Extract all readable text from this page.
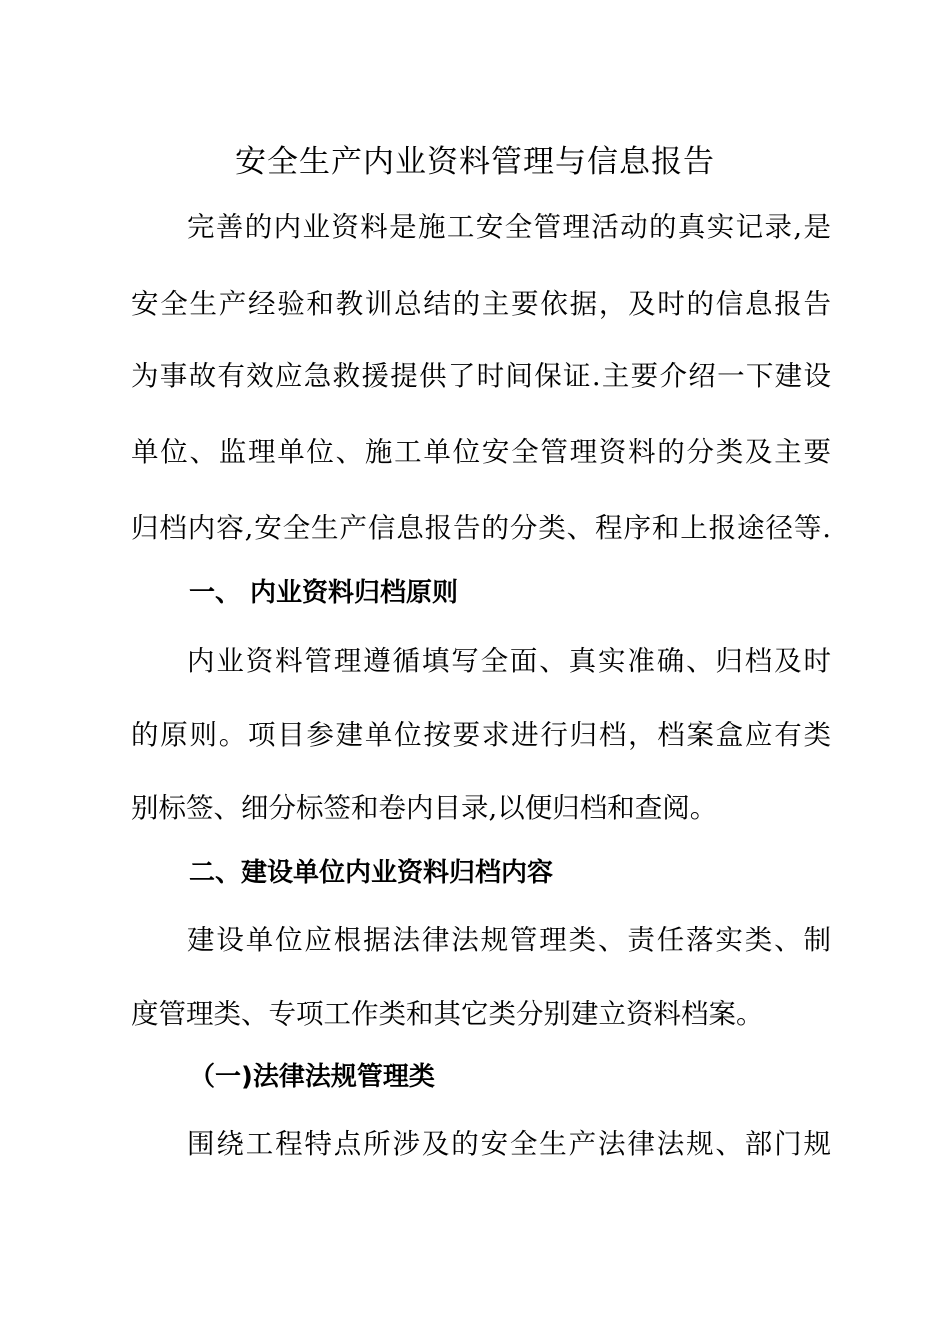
安全生产内业资料管理与信息报告

完善的内业资料是施工安全管理活动的真实记录,是

安全生产经验和教训总结的主要依据，及时的信息报告

为事故有效应急救援提供了时间保证.主要介绍一下建设

单位、监理单位、施工单位安全管理资料的分类及主要

归档内容,安全生产信息报告的分类、程序和上报途径等.

一、 内业资料归档原则

内业资料管理遵循填写全面、真实准确、归档及时

的原则。项目参建单位按要求进行归档，档案盒应有类

别标签、细分标签和卷内目录,以便归档和查阅。

二、建设单位内业资料归档内容

建设单位应根据法律法规管理类、责任落实类、制

度管理类、专项工作类和其它类分别建立资料档案。

（一)法律法规管理类

围绕工程特点所涉及的安全生产法律法规、部门规
